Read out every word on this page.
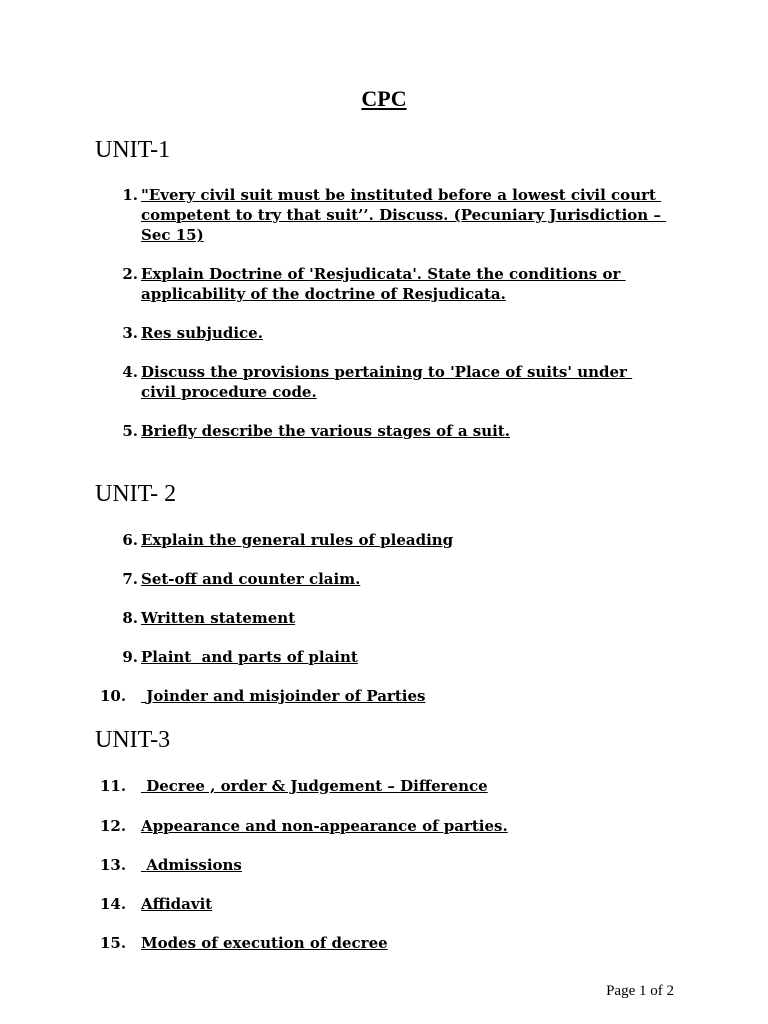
CPC
UNIT-1
1. "Every civil suit must be instituted before a lowest civil court competent to try that suit’’. Discuss. (Pecuniary Jurisdiction – Sec 15)
2. Explain Doctrine of 'Resjudicata'. State the conditions or applicability of the doctrine of Resjudicata.
3. Res subjudice.
4. Discuss the provisions pertaining to 'Place of suits' under civil procedure code.
5. Briefly describe the various stages of a suit.
UNIT- 2
6. Explain the general rules of pleading
7. Set-off and counter claim.
8. Written statement
9. Plaint  and parts of plaint
10. Joinder and misjoinder of Parties
UNIT-3
11. Decree , order & Judgement – Difference
12. Appearance and non-appearance of parties.
13. Admissions
14. Affidavit
15. Modes of execution of decree
Page 1 of 2
